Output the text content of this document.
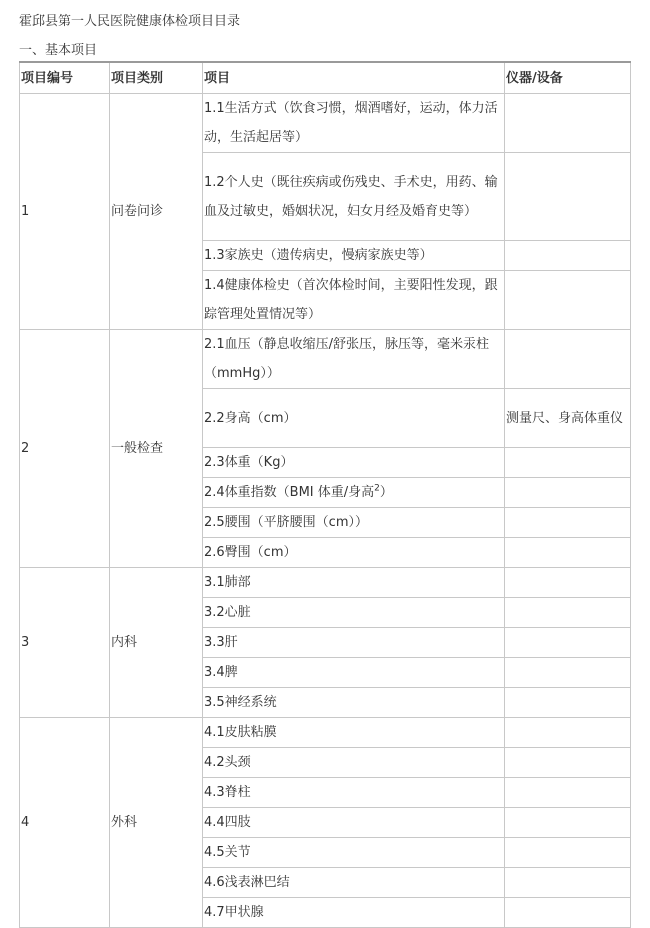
霍邱县第一人民医院健康体检项目目录
一、基本项目
项目编号	项目类别	项目	仪器/设备
1	问卷问诊	1.1生活方式（饮食习惯，烟酒嗜好，运动，体力活动，生活起居等）	
		1.2个人史（既往疾病或伤残史、手术史，用药、输血及过敏史，婚姻状况，妇女月经及婚育史等）	
		1.3家族史（遗传病史，慢病家族史等）	
		1.4健康体检史（首次体检时间，主要阳性发现，跟踪管理处置情况等）	
2	一般检查	2.1血压（静息收缩压/舒张压，脉压等，毫米汞柱（mmHg））	
		2.2身高（cm）	测量尺、身高体重仪
		2.3体重（Kg）	
		2.4体重指数（BMI 体重/身高$^2$）	
		2.5腰围（平脐腰围（cm））	
		2.6臀围（cm）	
3	内科	3.1肺部	
		3.2心脏	
		3.3肝	
		3.4脾	
		3.5神经系统	
4	外科	4.1皮肤粘膜	
		4.2头颈	
		4.3脊柱	
		4.4四肢	
		4.5关节	
		4.6浅表淋巴结	
		4.7甲状腺	
